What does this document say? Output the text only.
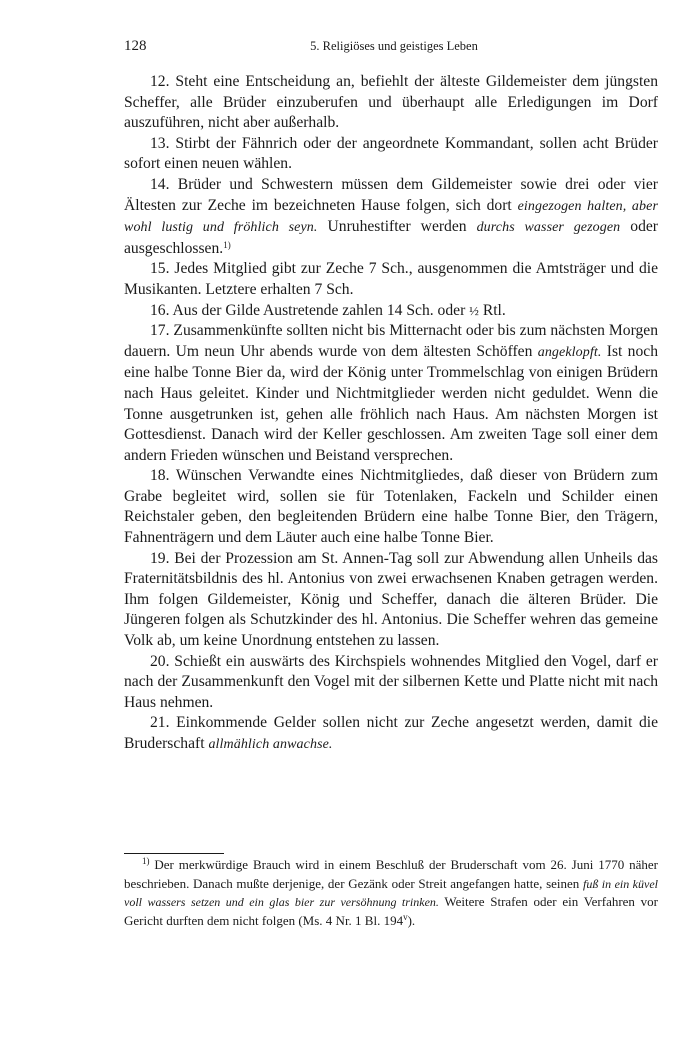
128	5. Religiöses und geistiges Leben

12. Steht eine Entscheidung an, befiehlt der älteste Gildemeister dem jüngsten Scheffer, alle Brüder einzuberufen und überhaupt alle Erledigungen im Dorf auszuführen, nicht aber außerhalb.

13. Stirbt der Fähnrich oder der angeordnete Kommandant, sollen acht Brüder sofort einen neuen wählen.

14. Brüder und Schwestern müssen dem Gildemeister sowie drei oder vier Ältesten zur Zeche im bezeichneten Hause folgen, sich dort eingezogen halten, aber wohl lustig und fröhlich seyn. Unruhestifter werden durchs wasser gezogen oder ausgeschlossen.$^{1)}$

15. Jedes Mitglied gibt zur Zeche 7 Sch., ausgenommen die Amtsträger und die Musikanten. Letztere erhalten 7 Sch.

16. Aus der Gilde Austretende zahlen 14 Sch. oder ½ Rtl.

17. Zusammenkünfte sollten nicht bis Mitternacht oder bis zum nächsten Morgen dauern. Um neun Uhr abends wurde von dem ältesten Schöffen angeklopft. Ist noch eine halbe Tonne Bier da, wird der König unter Trommelschlag von einigen Brüdern nach Haus geleitet. Kinder und Nichtmitglieder werden nicht geduldet. Wenn die Tonne ausgetrunken ist, gehen alle fröhlich nach Haus. Am nächsten Morgen ist Gottesdienst. Danach wird der Keller geschlossen. Am zweiten Tage soll einer dem andern Frieden wünschen und Beistand versprechen.

18. Wünschen Verwandte eines Nichtmitgliedes, daß dieser von Brüdern zum Grabe begleitet wird, sollen sie für Totenlaken, Fackeln und Schilder einen Reichstaler geben, den begleitenden Brüdern eine halbe Tonne Bier, den Trägern, Fahnenträgern und dem Läuter auch eine halbe Tonne Bier.

19. Bei der Prozession am St. Annen-Tag soll zur Abwendung allen Unheils das Fraternitätsbildnis des hl. Antonius von zwei erwachsenen Knaben getragen werden. Ihm folgen Gildemeister, König und Scheffer, danach die älteren Brüder. Die Jüngeren folgen als Schutzkinder des hl. Antonius. Die Scheffer wehren das gemeine Volk ab, um keine Unordnung entstehen zu lassen.

20. Schießt ein auswärts des Kirchspiels wohnendes Mitglied den Vogel, darf er nach der Zusammenkunft den Vogel mit der silbernen Kette und Platte nicht mit nach Haus nehmen.

21. Einkommende Gelder sollen nicht zur Zeche angesetzt werden, damit die Bruderschaft allmählich anwachse.

$^{1)}$ Der merkwürdige Brauch wird in einem Beschluß der Bruderschaft vom 26. Juni 1770 näher beschrieben. Danach mußte derjenige, der Gezänk oder Streit angefangen hatte, seinen fuß in ein küvel voll wassers setzen und ein glas bier zur versöhnung trinken. Weitere Strafen oder ein Verfahren vor Gericht durften dem nicht folgen (Ms. 4 Nr. 1 Bl. 194$^v$).
